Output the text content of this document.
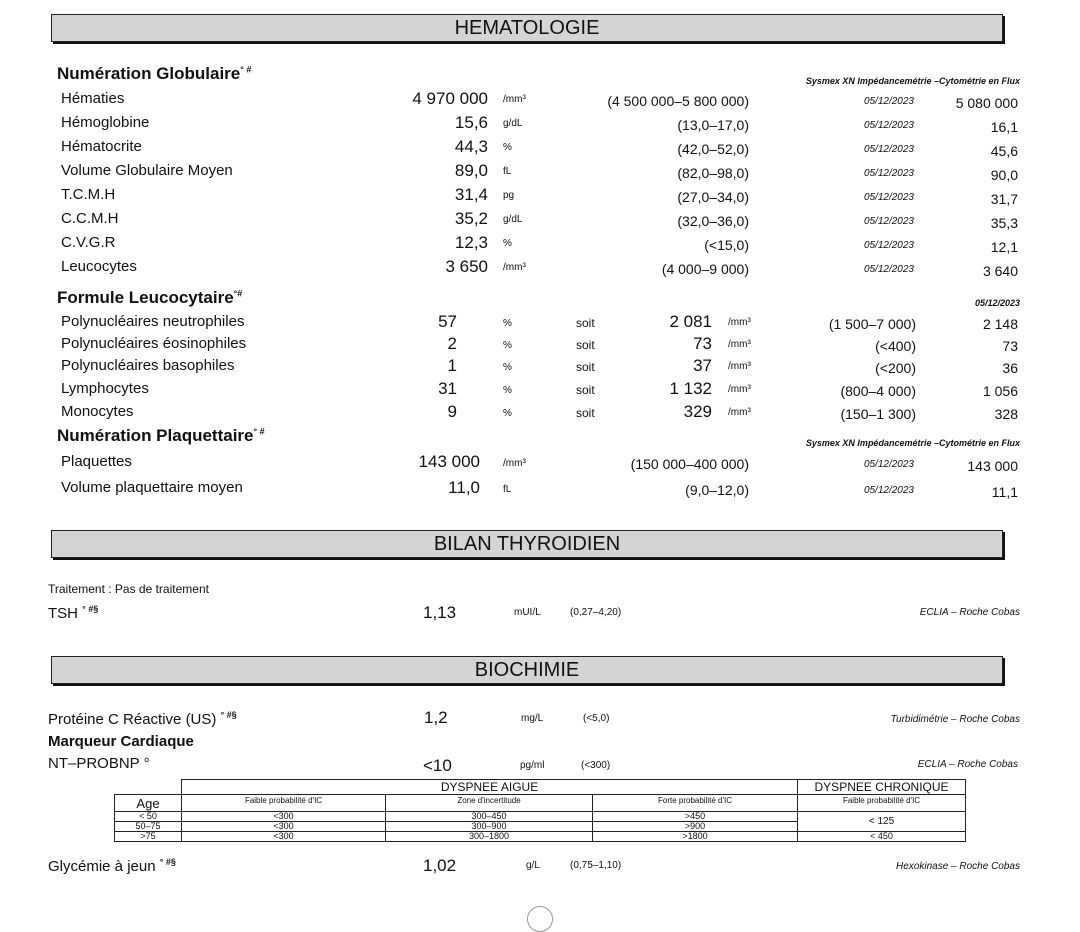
HEMATOLOGIE
Numération Globulaire° #
Sysmex XN Impédancemétrie –Cytométrie en Flux
Hématies	4 970 000 /mm³	(4 500 000–5 800 000)	05/12/2023	5 080 000
Hémoglobine	15,6 g/dL	(13,0–17,0)	05/12/2023	16,1
Hématocrite	44,3 %	(42,0–52,0)	05/12/2023	45,6
Volume Globulaire Moyen	89,0 fL	(82,0–98,0)	05/12/2023	90,0
T.C.M.H	31,4 pg	(27,0–34,0)	05/12/2023	31,7
C.C.M.H	35,2 g/dL	(32,0–36,0)	05/12/2023	35,3
C.V.G.R	12,3 %	(<15,0)	05/12/2023	12,1
Leucocytes	3 650 /mm³	(4 000–9 000)	05/12/2023	3 640
Formule Leucocytaire°#
05/12/2023
Polynucléaires neutrophiles	57	%	soit	2 081 /mm³	(1 500–7 000)	2 148
Polynucléaires éosinophiles	2	%	soit	73 /mm³	(<400)	73
Polynucléaires basophiles	1	%	soit	37 /mm³	(<200)	36
Lymphocytes	31	%	soit	1 132 /mm³	(800–4 000)	1 056
Monocytes	9	%	soit	329 /mm³	(150–1 300)	328
Numération Plaquettaire° #
Sysmex XN Impédancemétrie –Cytométrie en Flux
Plaquettes	143 000 /mm³	(150 000–400 000)	05/12/2023	143 000
Volume plaquettaire moyen	11,0 fL	(9,0–12,0)	05/12/2023	11,1
BILAN THYROIDIEN
Traitement : Pas de traitement
TSH ° #§	1,13	mUI/L	(0,27–4,20)	ECLIA – Roche Cobas
BIOCHIMIE
Protéine C Réactive (US) ° #§	1,2	mg/L	(<5,0)	Turbidimétrie – Roche Cobas
Marqueur Cardiaque
NT–PROBNP °	<10	pg/ml	(<300)	ECLIA – Roche Cobas
	DYSPNEE AIGUE			DYSPNEE CHRONIQUE
Age	Faible probabilité d'IC	Zone d'incertitude	Forte probabilité d'IC	Faible probabilité d'IC
< 50	<300	300–450	>450	< 125
50–75	<300	300–900	>900	
>75	<300	300–1800	>1800	< 450
Glycémie à jeun ° #§	1,02	g/L	(0,75–1,10)	Hexokinase – Roche Cobas
